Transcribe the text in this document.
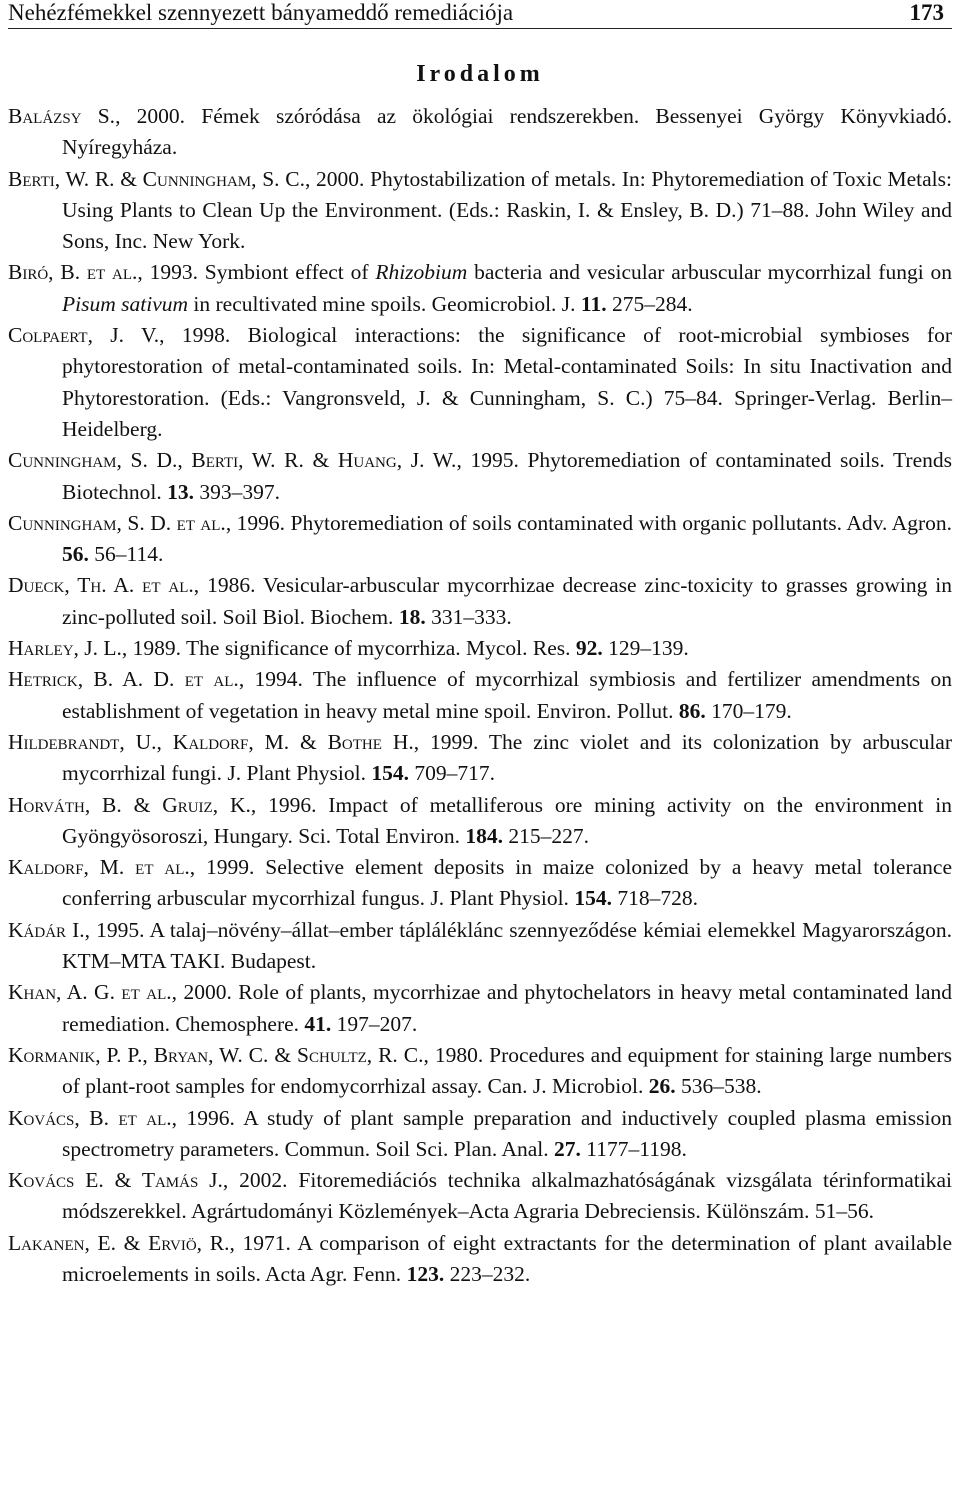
Nehézfémekkel szennyezett bányameddő remediációja	173
Irodalom

Balázsy S., 2000. Fémek szóródása az ökológiai rendszerekben. Bessenyei György Könyvkiadó. Nyíregyháza.

Berti, W. R. & Cunningham, S. C., 2000. Phytostabilization of metals. In: Phytoremediation of Toxic Metals: Using Plants to Clean Up the Environment. (Eds.: Raskin, I. & Ensley, B. D.) 71–88. John Wiley and Sons, Inc. New York.

Biró, B. et al., 1993. Symbiont effect of Rhizobium bacteria and vesicular arbuscular mycorrhizal fungi on Pisum sativum in recultivated mine spoils. Geomicrobiol. J. 11. 275–284.

Colpaert, J. V., 1998. Biological interactions: the significance of root-microbial symbioses for phytorestoration of metal-contaminated soils. In: Metal-contaminated Soils: In situ Inactivation and Phytorestoration. (Eds.: Vangronsveld, J. & Cunningham, S. C.) 75–84. Springer-Verlag. Berlin–Heidelberg.

Cunningham, S. D., Berti, W. R. & Huang, J. W., 1995. Phytoremediation of contaminated soils. Trends Biotechnol. 13. 393–397.

Cunningham, S. D. et al., 1996. Phytoremediation of soils contaminated with organic pollutants. Adv. Agron. 56. 56–114.

Dueck, Th. A. et al., 1986. Vesicular-arbuscular mycorrhizae decrease zinc-toxicity to grasses growing in zinc-polluted soil. Soil Biol. Biochem. 18. 331–333.

Harley, J. L., 1989. The significance of mycorrhiza. Mycol. Res. 92. 129–139.

Hetrick, B. A. D. et al., 1994. The influence of mycorrhizal symbiosis and fertilizer amendments on establishment of vegetation in heavy metal mine spoil. Environ. Pollut. 86. 170–179.

Hildebrandt, U., Kaldorf, M. & Bothe H., 1999. The zinc violet and its colonization by arbuscular mycorrhizal fungi. J. Plant Physiol. 154. 709–717.

Horváth, B. & Gruiz, K., 1996. Impact of metalliferous ore mining activity on the environment in Gyöngyösoroszi, Hungary. Sci. Total Environ. 184. 215–227.

Kaldorf, M. et al., 1999. Selective element deposits in maize colonized by a heavy metal tolerance conferring arbuscular mycorrhizal fungus. J. Plant Physiol. 154. 718–728.

Kádár I., 1995. A talaj–növény–állat–ember tápláléklánc szennyeződése kémiai elemekkel Magyarországon. KTM–MTA TAKI. Budapest.

Khan, A. G. et al., 2000. Role of plants, mycorrhizae and phytochelators in heavy metal contaminated land remediation. Chemosphere. 41. 197–207.

Kormanik, P. P., Bryan, W. C. & Schultz, R. C., 1980. Procedures and equipment for staining large numbers of plant-root samples for endomycorrhizal assay. Can. J. Microbiol. 26. 536–538.

Kovács, B. et al., 1996. A study of plant sample preparation and inductively coupled plasma emission spectrometry parameters. Commun. Soil Sci. Plan. Anal. 27. 1177–1198.

Kovács E. & Tamás J., 2002. Fitoremediációs technika alkalmazhatóságának vizsgálata térinformatikai módszerekkel. Agrártudományi Közlemények–Acta Agraria Debreciensis. Különszám. 51–56.

Lakanen, E. & Erviö, R., 1971. A comparison of eight extractants for the determination of plant available microelements in soils. Acta Agr. Fenn. 123. 223–232.
